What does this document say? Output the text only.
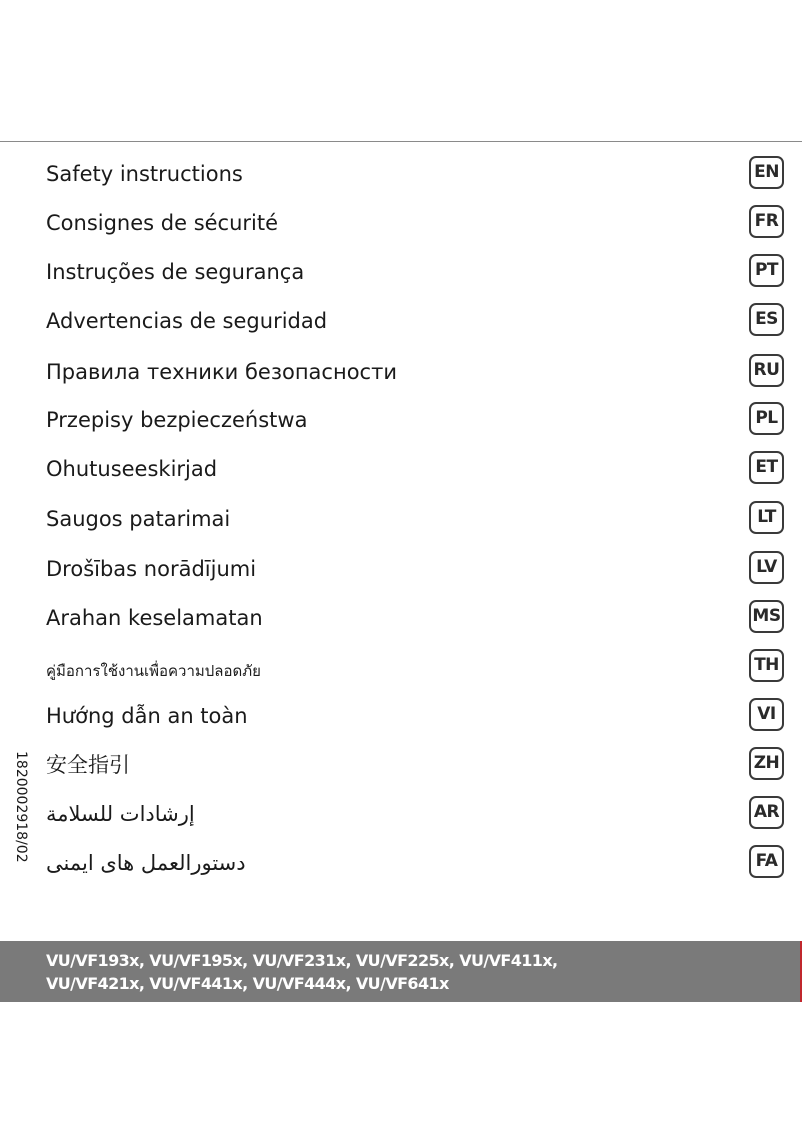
Safety instructions	EN
Consignes de sécurité	FR
Instruções de segurança	PT
Advertencias de seguridad	ES
Правила техники безопасности	RU
Przepisy bezpieczeństwa	PL
Ohutuseeskirjad	ET
Saugos patarimai	LT
Drošības norādījumi	LV
Arahan keselamatan	MS
คู่มือการใช้งานเพื่อความปลอดภัย	TH
Hướng dẫn an toàn	VI
安全指引	ZH
إرشادات للسلامة	AR
دستورالعمل های ایمنی	FA
1820002918/02
VU/VF193x, VU/VF195x, VU/VF231x, VU/VF225x, VU/VF411x,
VU/VF421x, VU/VF441x, VU/VF444x, VU/VF641x
